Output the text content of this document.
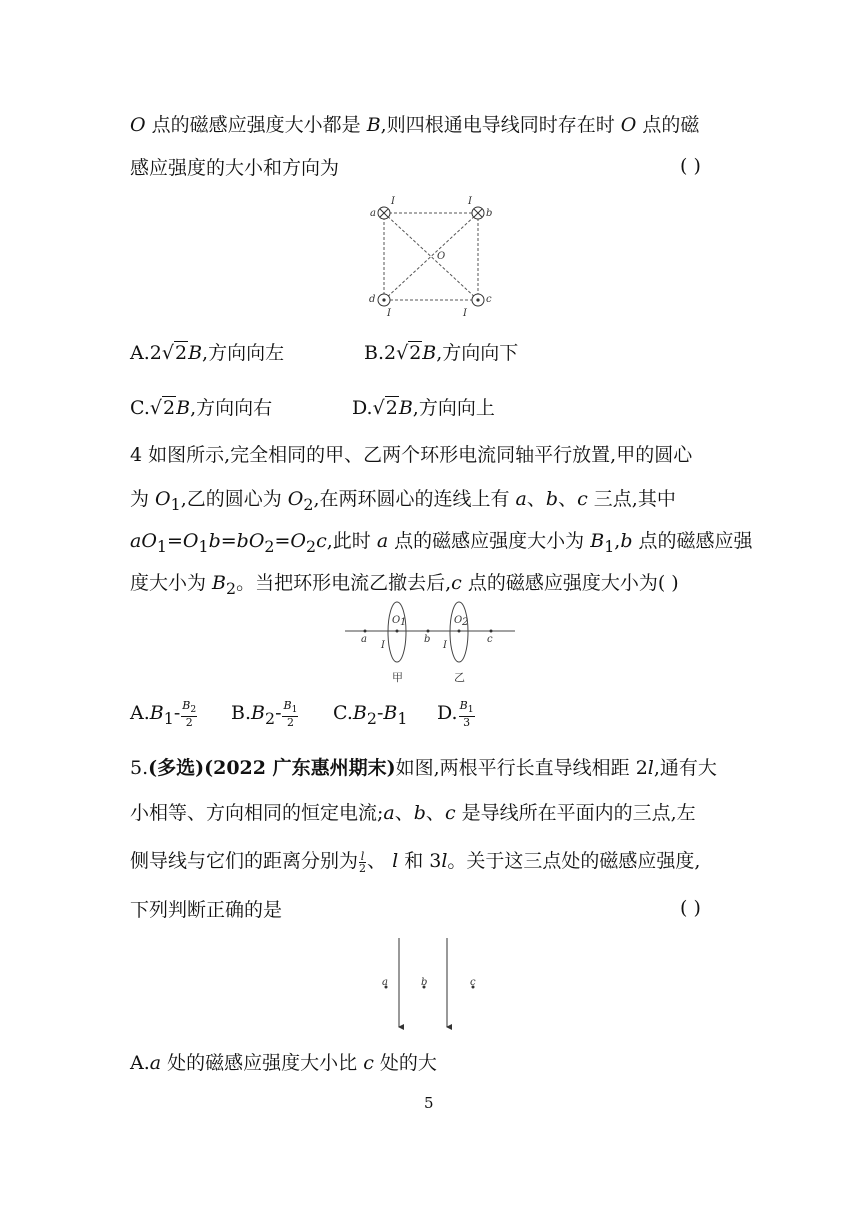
O 点的磁感应强度大小都是 B,则四根通电导线同时存在时 O 点的磁
感应强度的大小和方向为	( )
a
I	I
b
O
d
I	I
c
A.2√2B,方向向左	B.2√2B,方向向下
C.√2B,方向向右	D.√2B,方向向上
4 如图所示,完全相同的甲、乙两个环形电流同轴平行放置,甲的圆心
为 $O_1$,乙的圆心为 $O_2$,在两环圆心的连线上有 a、b、c 三点,其中
$aO_1=O_1b=bO_2=O_2c$,此时 a 点的磁感应强度大小为 $B_1,b$ 点的磁感应强
度大小为 $B_2$。当把环形电流乙撤去后,c 点的磁感应强度大小为( )
a
O 1
I
b
O 2
I
c
甲	乙
$A.B_1- \frac{B_2}{2} B.B_2- \frac{B_1}{2} C.B_2-B_1$ D. $\frac{B_1}{3}$
5.(多选)(2022 广东惠州期末)如图,两根平行长直导线相距 2l,通有大
小相等、方向相同的恒定电流;a、b、c 是导线所在平面内的三点,左
侧导线与它们的距离分别为 $\frac{l}{2}$ 、 l 和 3l。关于这三点处的磁感应强度,
下列判断正确的是	( )
a	b	c
A.a 处的磁感应强度大小比 c 处的大
5
